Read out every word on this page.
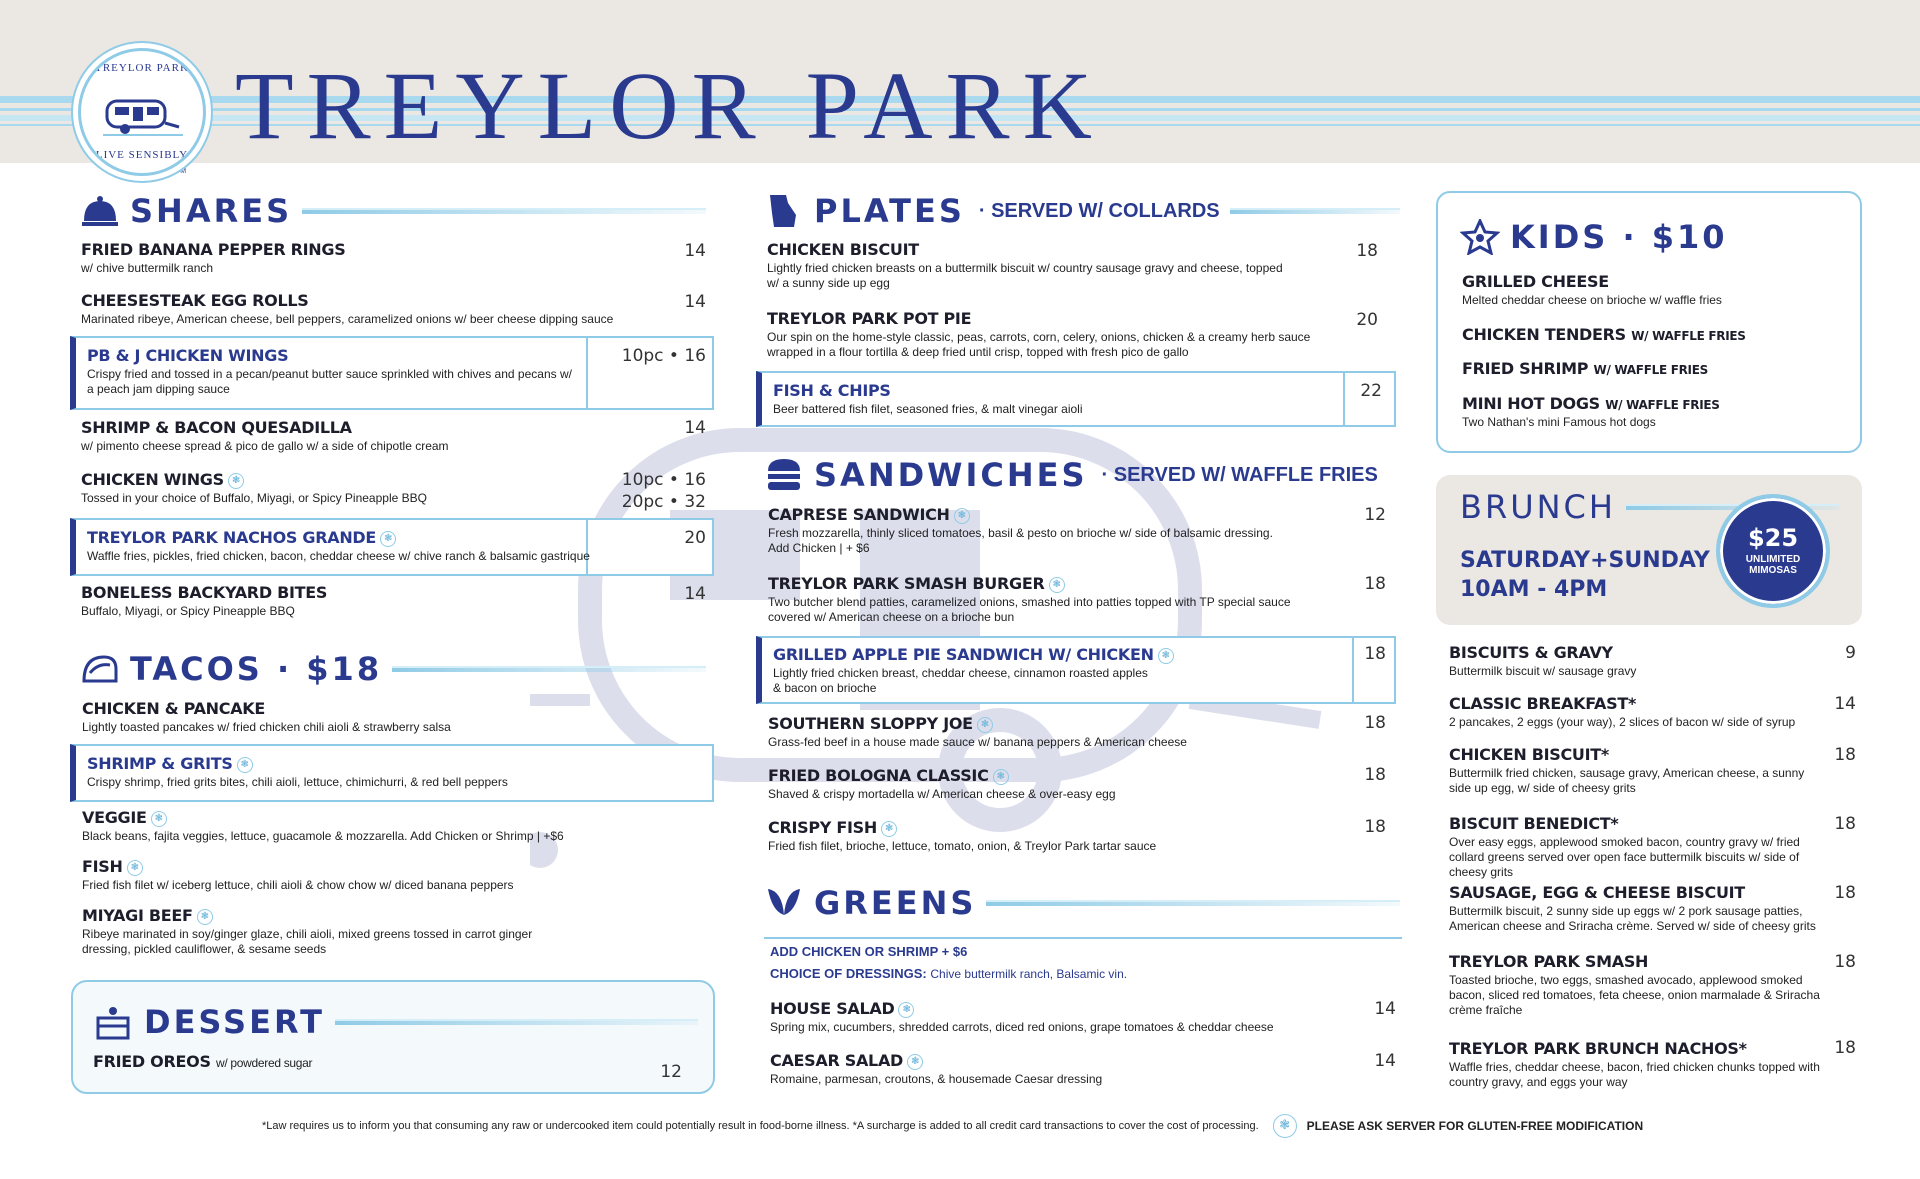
TREYLOR PARK
LIVE SENSIBLY
TM
TREYLOR PARK
SHARES
FRIED BANANA PEPPER RINGS
w/ chive buttermilk ranch
14
CHEESESTEAK EGG ROLLS
Marinated ribeye, American cheese, bell peppers, caramelized onions w/ beer cheese dipping sauce
14
PB & J CHICKEN WINGS
Crispy fried and tossed in a pecan/peanut butter sauce sprinkled with chives and pecans w/ a peach jam dipping sauce
10pc • 16
SHRIMP & BACON QUESADILLA
w/ pimento cheese spread & pico de gallo w/ a side of chipotle cream
14
CHICKEN WINGS ❃
Tossed in your choice of Buffalo, Miyagi, or Spicy Pineapple BBQ
10pc • 16
20pc • 32
TREYLOR PARK NACHOS GRANDE ❃
Waffle fries, pickles, fried chicken, bacon, cheddar cheese w/ chive ranch & balsamic gastrique
20
BONELESS BACKYARD BITES
Buffalo, Miyagi, or Spicy Pineapple BBQ
14
TACOS · $18
CHICKEN & PANCAKE
Lightly toasted pancakes w/ fried chicken chili aioli & strawberry salsa
SHRIMP & GRITS ❃
Crispy shrimp, fried grits bites, chili aioli, lettuce, chimichurri, & red bell peppers
VEGGIE ❃
Black beans, fajita veggies, lettuce, guacamole & mozzarella. Add Chicken or Shrimp | +$6
FISH ❃
Fried fish filet w/ iceberg lettuce, chili aioli & chow chow w/ diced banana peppers
MIYAGI BEEF ❃
Ribeye marinated in soy/ginger glaze, chili aioli, mixed greens tossed in carrot ginger dressing, pickled cauliflower, & sesame seeds
DESSERT
FRIED OREOS w/ powdered sugar	12
PLATES · SERVED W/ COLLARDS
CHICKEN BISCUIT
Lightly fried chicken breasts on a buttermilk biscuit w/ country sausage gravy and cheese, topped w/ a sunny side up egg
18
TREYLOR PARK POT PIE
Our spin on the home-style classic, peas, carrots, corn, celery, onions, chicken & a creamy herb sauce wrapped in a flour tortilla & deep fried until crisp, topped with fresh pico de gallo
20
FISH & CHIPS
Beer battered fish filet, seasoned fries, & malt vinegar aioli
22
SANDWICHES · SERVED W/ WAFFLE FRIES
CAPRESE SANDWICH ❃
Fresh mozzarella, thinly sliced tomatoes, basil & pesto on brioche w/ side of balsamic dressing.
Add Chicken | + $6
12
TREYLOR PARK SMASH BURGER ❃
Two butcher blend patties, caramelized onions, smashed into patties topped with TP special sauce covered w/ American cheese on a brioche bun
18
GRILLED APPLE PIE SANDWICH W/ CHICKEN ❃
Lightly fried chicken breast, cheddar cheese, cinnamon roasted apples
& bacon on brioche
18
SOUTHERN SLOPPY JOE ❃
Grass-fed beef in a house made sauce w/ banana peppers & American cheese
18
FRIED BOLOGNA CLASSIC ❃
Shaved & crispy mortadella w/ American cheese & over-easy egg
18
CRISPY FISH ❃
Fried fish filet, brioche, lettuce, tomato, onion, & Treylor Park tartar sauce
18
GREENS
ADD CHICKEN OR SHRIMP + $6
CHOICE OF DRESSINGS: Chive buttermilk ranch, Balsamic vin.
HOUSE SALAD ❃
Spring mix, cucumbers, shredded carrots, diced red onions, grape tomatoes & cheddar cheese
14
CAESAR SALAD ❃
Romaine, parmesan, croutons, & housemade Caesar dressing
14
KIDS · $10
GRILLED CHEESE
Melted cheddar cheese on brioche w/ waffle fries
CHICKEN TENDERS W/ WAFFLE FRIES
FRIED SHRIMP W/ WAFFLE FRIES
MINI HOT DOGS W/ WAFFLE FRIES
Two Nathan's mini Famous hot dogs
BRUNCH
SATURDAY+SUNDAY
10AM - 4PM
$25
UNLIMITED
MIMOSAS
BISCUITS & GRAVY
Buttermilk biscuit w/ sausage gravy
9
CLASSIC BREAKFAST*
2 pancakes, 2 eggs (your way), 2 slices of bacon w/ side of syrup
14
CHICKEN BISCUIT*
Buttermilk fried chicken, sausage gravy, American cheese, a sunny side up egg, w/ side of cheesy grits
18
BISCUIT BENEDICT*
Over easy eggs, applewood smoked bacon, country gravy w/ fried collard greens served over open face buttermilk biscuits w/ side of cheesy grits
18
SAUSAGE, EGG & CHEESE BISCUIT
Buttermilk biscuit, 2 sunny side up eggs w/ 2 pork sausage patties, American cheese and Sriracha crème. Served w/ side of cheesy grits
18
TREYLOR PARK SMASH
Toasted brioche, two eggs, smashed avocado, applewood smoked bacon, sliced red tomatoes, feta cheese, onion marmalade & Sriracha crème fraîche
18
TREYLOR PARK BRUNCH NACHOS*
Waffle fries, cheddar cheese, bacon, fried chicken chunks topped with country gravy, and eggs your way
18
*Law requires us to inform you that consuming any raw or undercooked item could potentially result in food-borne illness. *A surcharge is added to all credit card transactions to cover the cost of processing.	❃	PLEASE ASK SERVER FOR GLUTEN-FREE MODIFICATION
